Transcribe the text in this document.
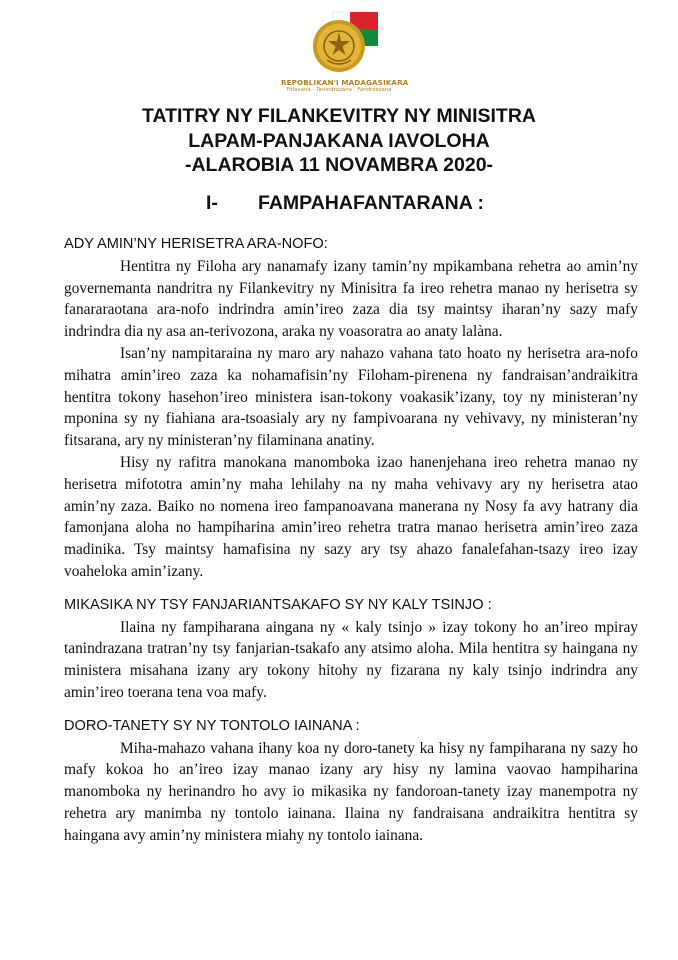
REPOBLIKAN'I MADAGASIKARA
Fitiavana - Tanindrazana - Fandrosoana
TATITRY NY FILANKEVITRY NY MINISITRA
LAPAM-PANJAKANA IAVOLOHA
-ALAROBIA 11 NOVAMBRA 2020-
I- FAMPAHAFANTARANA :

ADY AMIN’NY HERISETRA ARA-NOFO:

Hentitra ny Filoha ary nanamafy izany tamin’ny mpikambana rehetra ao amin’ny governemanta nandritra ny Filankevitry ny Minisitra fa ireo rehetra manao ny herisetra sy fanararaotana ara-nofo indrindra amin’ireo zaza dia tsy maintsy iharan’ny sazy mafy indrindra dia ny asa an-terivozona, araka ny voasoratra ao anaty lalàna.

Isan’ny nampitaraina ny maro ary nahazo vahana tato hoato ny herisetra ara-nofo mihatra amin’ireo zaza ka nohamafisin’ny Filoham-pirenena ny fandraisan’andraikitra hentitra tokony hasehon’ireo ministera isan-tokony voakasik’izany, toy ny ministeran’ny mponina sy ny fiahiana ara-tsoasialy ary ny fampivoarana ny vehivavy, ny ministeran’ny fitsarana, ary ny ministeran’ny filaminana anatiny.

Hisy ny rafitra manokana manomboka izao hanenjehana ireo rehetra manao ny herisetra mifototra amin’ny maha lehilahy na ny maha vehivavy ary ny herisetra atao amin’ny zaza. Baiko no nomena ireo fampanoavana manerana ny Nosy fa avy hatrany dia famonjana aloha no hampiharina amin’ireo rehetra tratra manao herisetra amin’ireo zaza madinika. Tsy maintsy hamafisina ny sazy ary tsy ahazo fanalefahan-tsazy ireo izay voaheloka amin’izany.

MIKASIKA NY TSY FANJARIANTSAKAFO SY NY KALY TSINJO :

Ilaina ny fampiharana aingana ny « kaly tsinjo » izay tokony ho an’ireo mpiray tanindrazana tratran’ny tsy fanjarian-tsakafo any atsimo aloha. Mila hentitra sy haingana ny ministera misahana izany ary tokony hitohy ny fizarana ny kaly tsinjo indrindra any amin’ireo toerana tena voa mafy.

DORO-TANETY SY NY TONTOLO IAINANA :

Miha-mahazo vahana ihany koa ny doro-tanety ka hisy ny fampiharana ny sazy ho mafy kokoa ho an’ireo izay manao izany ary hisy ny lamina vaovao hampiharina manomboka ny herinandro ho avy io mikasika ny fandoroan-tanety izay manempotra ny rehetra ary manimba ny tontolo iainana. Ilaina ny fandraisana andraikitra hentitra sy haingana avy amin’ny ministera miahy ny tontolo iainana.
